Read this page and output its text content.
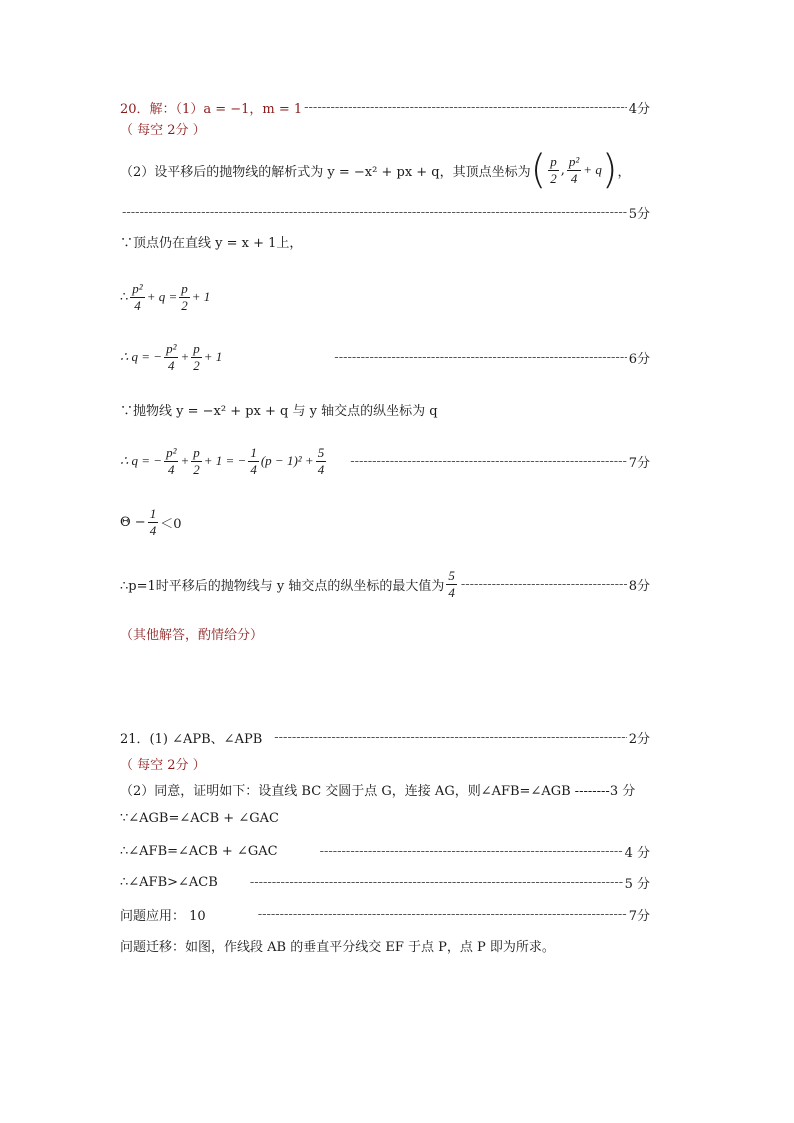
20．解：（1）a = −1，m = 1 -----	4分
（ 每空 2分 ）
（2）设平移后的抛物线的解析式为 y = −x² + px + q，其顶点坐标为 ( $\frac{p}{2}$ , $\frac{\text{p²}}{4} + q$ ) ，
-----
5分
∵顶点仍在直线 y = x + 1上，
∴ $\frac{\text{p²}}{4} + q = \frac{p}{2} + 1$
∴ q = − $\frac{\text{p²}}{4} + \frac{p}{2} + 1$ -----	6分
∵抛物线 y = −x² + px + q 与 y 轴交点的纵坐标为 q
∴ q = − $\frac{\text{p²}}{4} + \frac{p}{2} + 1$ = − $\frac{1}{4} (p - 1)^2 + \frac{5}{4}$ -----	7分
$\Theta - \frac{1}{4} <0$
∴p=1时平移后的抛物线与 y 轴交点的纵坐标的最大值为 $\frac{5}{4}$ -----	8分
（其他解答，酌情给分）
21．(1) ∠APB、∠APB -----	2分
（ 每空 2分 ）
（2）同意，证明如下：设直线 BC 交圆于点 G，连接 AG，则∠AFB=∠AGB --------3 分
∵∠AGB=∠ACB + ∠GAC
∴∠AFB=∠ACB + ∠GAC -----	4 分
∴∠AFB>∠ACB -----	5 分
问题应用： 10 -----	7分
问题迁移：如图，作线段 AB 的垂直平分线交 EF 于点 P，点 P 即为所求。
